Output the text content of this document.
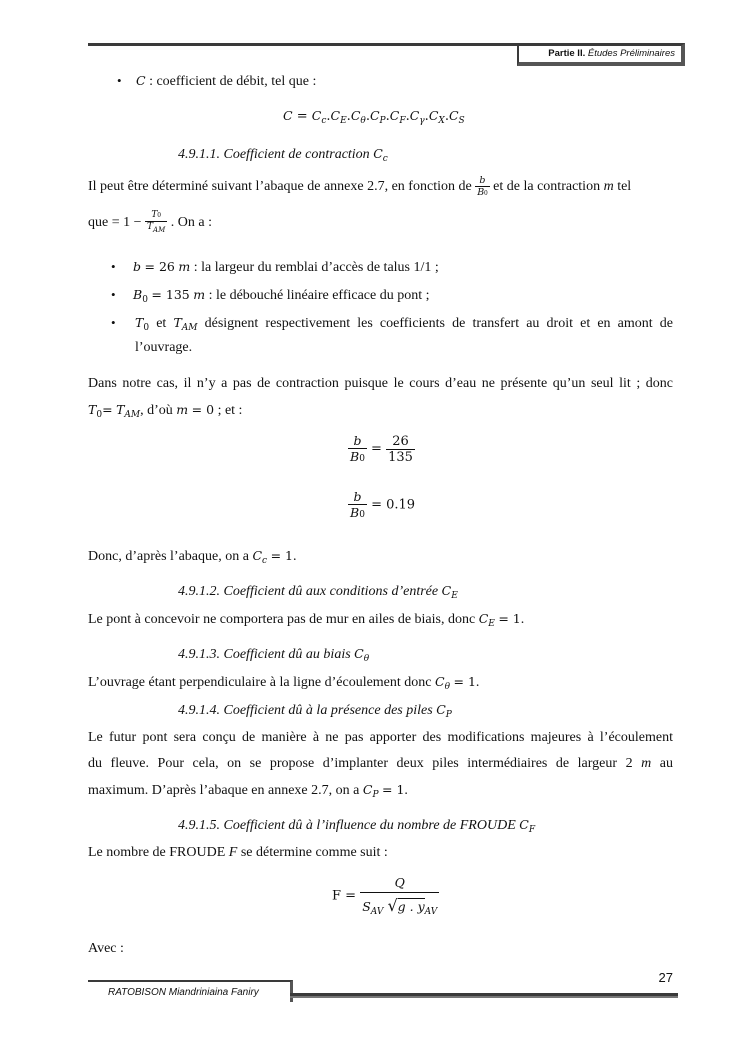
Partie II. Études Préliminaires
• C : coefficient de débit, tel que :
$C = C_c.C_E.C_\theta.C_P.C_F.C_\gamma.C_X.C_S$
4.9.1.1. Coefficient de contraction $C_c$
Il peut être déterminé suivant l’abaque de annexe 2.7, en fonction de $\frac{b}{B0}$ et de la contraction m tel
que = $1 - \frac{T0}{T_{AM}}$ . On a :
• b = 26 m : la largeur du remblai d’accès de talus 1/1 ;
• $B_0 = 135$ m : le débouché linéaire efficace du pont ;
• $T_0$ et $T_{AM}$ désignent respectivement les coefficients de transfert au droit et en amont de
l’ouvrage.
Dans notre cas, il n’y a pas de contraction puisque le cours d’eau ne présente qu’un seul lit ; donc
$T_0= T_{AM}$, d’où m = 0 ; et :
$\frac{b}{B0} = \frac{26}{135}$
$\frac{b}{B0} = 0.19$
Donc, d’après l’abaque, on a $C_c = 1$.
4.9.1.2. Coefficient dû aux conditions d’entrée $C_E$
Le pont à concevoir ne comportera pas de mur en ailes de biais, donc $C_E = 1$.
4.9.1.3. Coefficient dû au biais $C_\theta$
L’ouvrage étant perpendiculaire à la ligne d’écoulement donc $C_\theta = 1$.
4.9.1.4. Coefficient dû à la présence des piles $C_P$
Le futur pont sera conçu de manière à ne pas apporter des modifications majeures à l’écoulement
du fleuve. Pour cela, on se propose d’implanter deux piles intermédiaires de largeur 2 m au
maximum. D’après l’abaque en annexe 2.7, on a $C_P = 1$.
4.9.1.5. Coefficient dû à l’influence du nombre de FROUDE $C_F$
Le nombre de FROUDE F se détermine comme suit :
$F = \frac{Q}{S_{AV} √g . y_{AV}}$
Avec :
27
RATOBISON Miandriniaina Faniry
